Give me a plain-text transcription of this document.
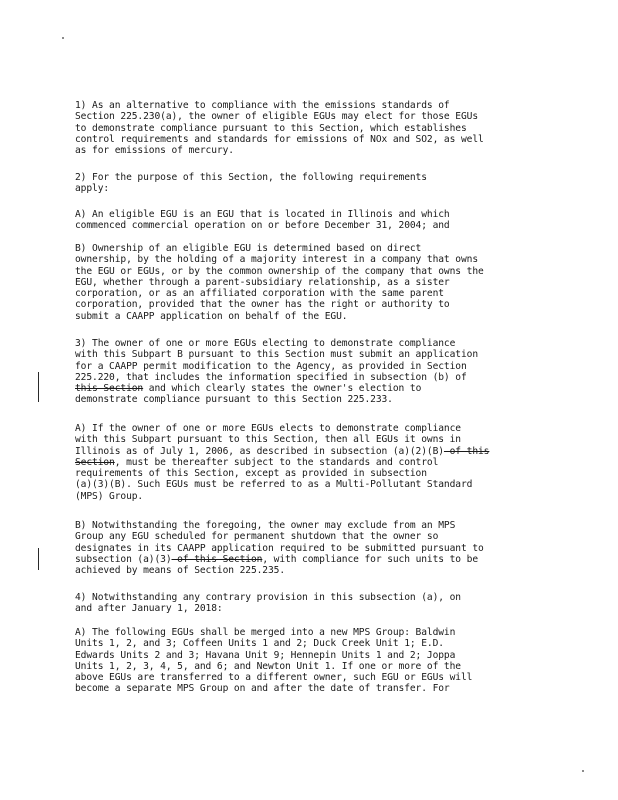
1) As an alternative to compliance with the emissions standards of
Section 225.230(a), the owner of eligible EGUs may elect for those EGUs
to demonstrate compliance pursuant to this Section, which establishes
control requirements and standards for emissions of NOx and SO2, as well
as for emissions of mercury.

2) For the purpose of this Section, the following requirements
apply:

A) An eligible EGU is an EGU that is located in Illinois and which
commenced commercial operation on or before December 31, 2004; and

B) Ownership of an eligible EGU is determined based on direct
ownership, by the holding of a majority interest in a company that owns
the EGU or EGUs, or by the common ownership of the company that owns the
EGU, whether through a parent-subsidiary relationship, as a sister
corporation, or as an affiliated corporation with the same parent
corporation, provided that the owner has the right or authority to
submit a CAAPP application on behalf of the EGU.

3) The owner of one or more EGUs electing to demonstrate compliance
with this Subpart B pursuant to this Section must submit an application
for a CAAPP permit modification to the Agency, as provided in Section
225.220, that includes the information specified in subsection (b) of
this Section and which clearly states the owner's election to
demonstrate compliance pursuant to this Section 225.233.

A) If the owner of one or more EGUs elects to demonstrate compliance
with this Subpart pursuant to this Section, then all EGUs it owns in
Illinois as of July 1, 2006, as described in subsection (a)(2)(B) of this
Section, must be thereafter subject to the standards and control
requirements of this Section, except as provided in subsection
(a)(3)(B). Such EGUs must be referred to as a Multi-Pollutant Standard
(MPS) Group.

B) Notwithstanding the foregoing, the owner may exclude from an MPS
Group any EGU scheduled for permanent shutdown that the owner so
designates in its CAAPP application required to be submitted pursuant to
subsection (a)(3) of this Section, with compliance for such units to be
achieved by means of Section 225.235.

4) Notwithstanding any contrary provision in this subsection (a), on
and after January 1, 2018:

A) The following EGUs shall be merged into a new MPS Group: Baldwin
Units 1, 2, and 3; Coffeen Units 1 and 2; Duck Creek Unit 1; E.D.
Edwards Units 2 and 3; Havana Unit 9; Hennepin Units 1 and 2; Joppa
Units 1, 2, 3, 4, 5, and 6; and Newton Unit 1. If one or more of the
above EGUs are transferred to a different owner, such EGU or EGUs will
become a separate MPS Group on and after the date of transfer. For
